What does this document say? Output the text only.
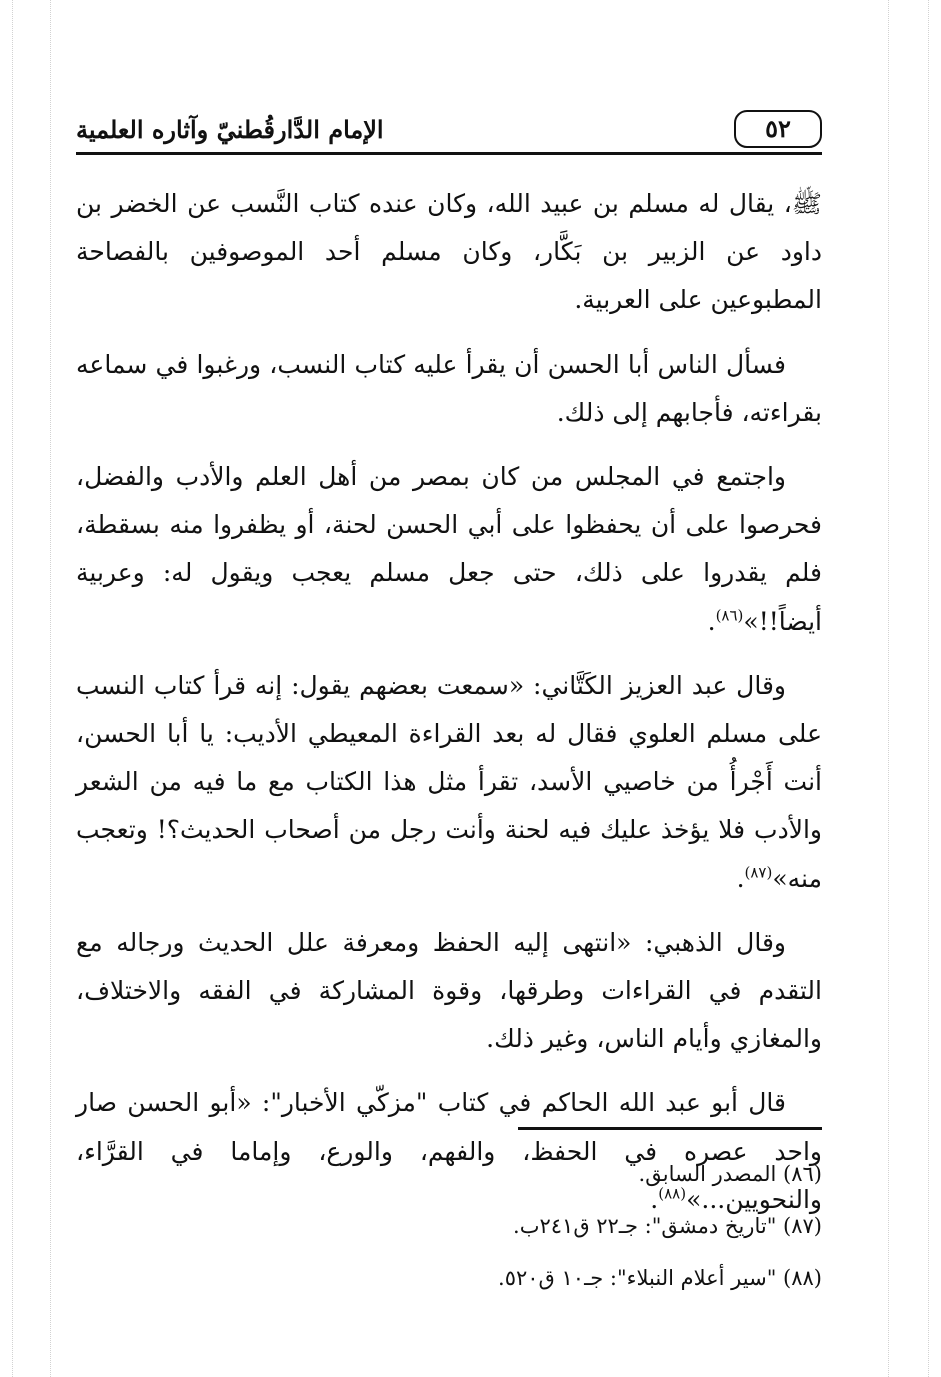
٥٢
الإمام الدَّارقُطنيّ وآثاره العلمية

ﷺ، يقال له مسلم بن عبيد الله، وكان عنده كتاب النَّسب عن الخضر بن داود عن الزبير بن بَكَّار، وكان مسلم أحد الموصوفين بالفصاحة المطبوعين على العربية.

فسأل الناس أبا الحسن أن يقرأ عليه كتاب النسب، ورغبوا في سماعه بقراءته، فأجابهم إلى ذلك.

واجتمع في المجلس من كان بمصر من أهل العلم والأدب والفضل، فحرصوا على أن يحفظوا على أبي الحسن لحنة، أو يظفروا منه بسقطة، فلم يقدروا على ذلك، حتى جعل مسلم يعجب ويقول له: وعربية أيضاً!!»$^{(٨٦)}$.

وقال عبد العزيز الكَتَّاني: «سمعت بعضهم يقول: إنه قرأ كتاب النسب على مسلم العلوي فقال له بعد القراءة المعيطي الأديب: يا أبا الحسن، أنت أَجْرأُ من خاصيي الأسد، تقرأ مثل هذا الكتاب مع ما فيه من الشعر والأدب فلا يؤخذ عليك فيه لحنة وأنت رجل من أصحاب الحديث؟! وتعجب منه»$^{(٨٧)}$.

وقال الذهبي: «انتهى إليه الحفظ ومعرفة علل الحديث ورجاله مع التقدم في القراءات وطرقها، وقوة المشاركة في الفقه والاختلاف، والمغازي وأيام الناس، وغير ذلك.

قال أبو عبد الله الحاكم في كتاب "مزكّي الأخبار": «أبو الحسن صار واحد عصره في الحفظ، والفهم، والورع، وإماما في القرَّاء، والنحويين...»$^{(٨٨)}$.

(٨٦) المصدر السابق.

(٨٧) "تاريخ دمشق": جـ٢٢ ق٢٤١ب.

(٨٨) "سير أعلام النبلاء": جـ١٠ ق٥٢٠.
